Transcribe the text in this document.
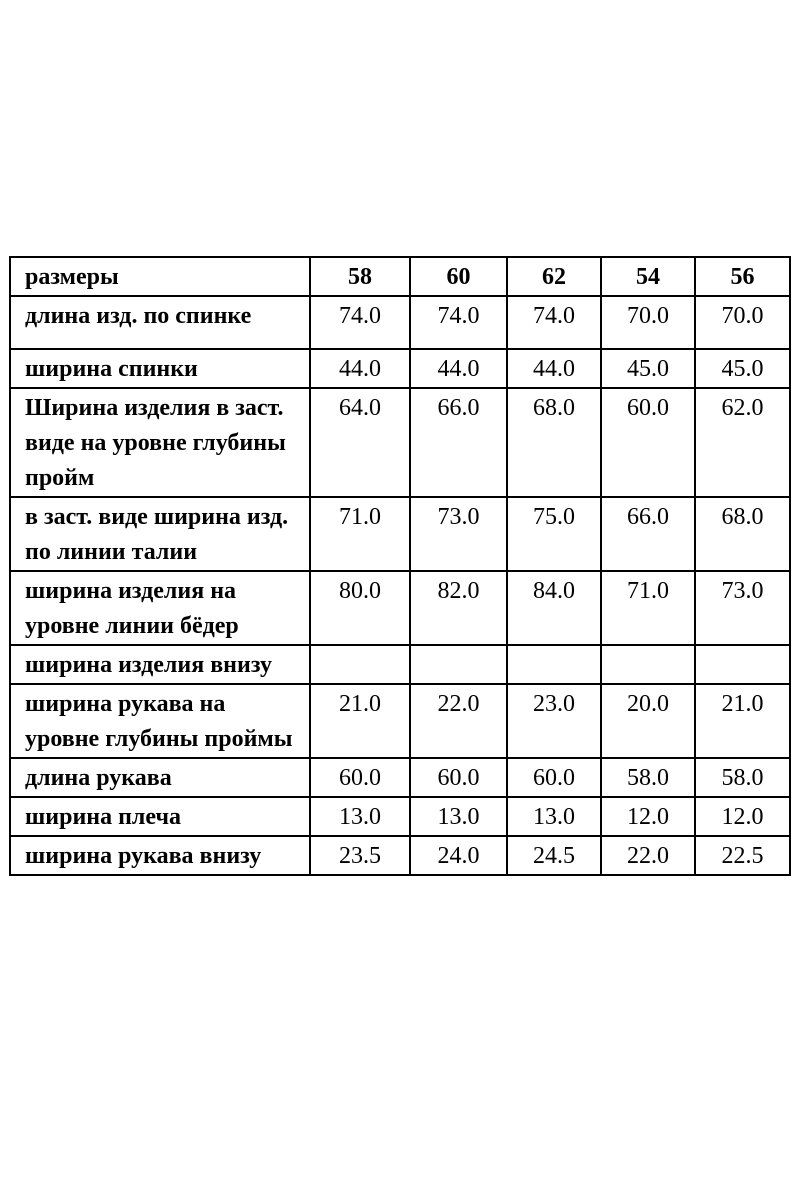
размеры	58	60	62	54	56
длина изд. по спинке	74.0	74.0	74.0	70.0	70.0
ширина спинки	44.0	44.0	44.0	45.0	45.0
Ширина изделия в заст. виде на уровне глубины пройм	64.0	66.0	68.0	60.0	62.0
в заст. виде ширина изд. по линии талии	71.0	73.0	75.0	66.0	68.0
ширина изделия на уровне линии бёдер	80.0	82.0	84.0	71.0	73.0
ширина изделия внизу					
ширина рукава на уровне глубины проймы	21.0	22.0	23.0	20.0	21.0
длина рукава	60.0	60.0	60.0	58.0	58.0
ширина плеча	13.0	13.0	13.0	12.0	12.0
ширина рукава внизу	23.5	24.0	24.5	22.0	22.5
